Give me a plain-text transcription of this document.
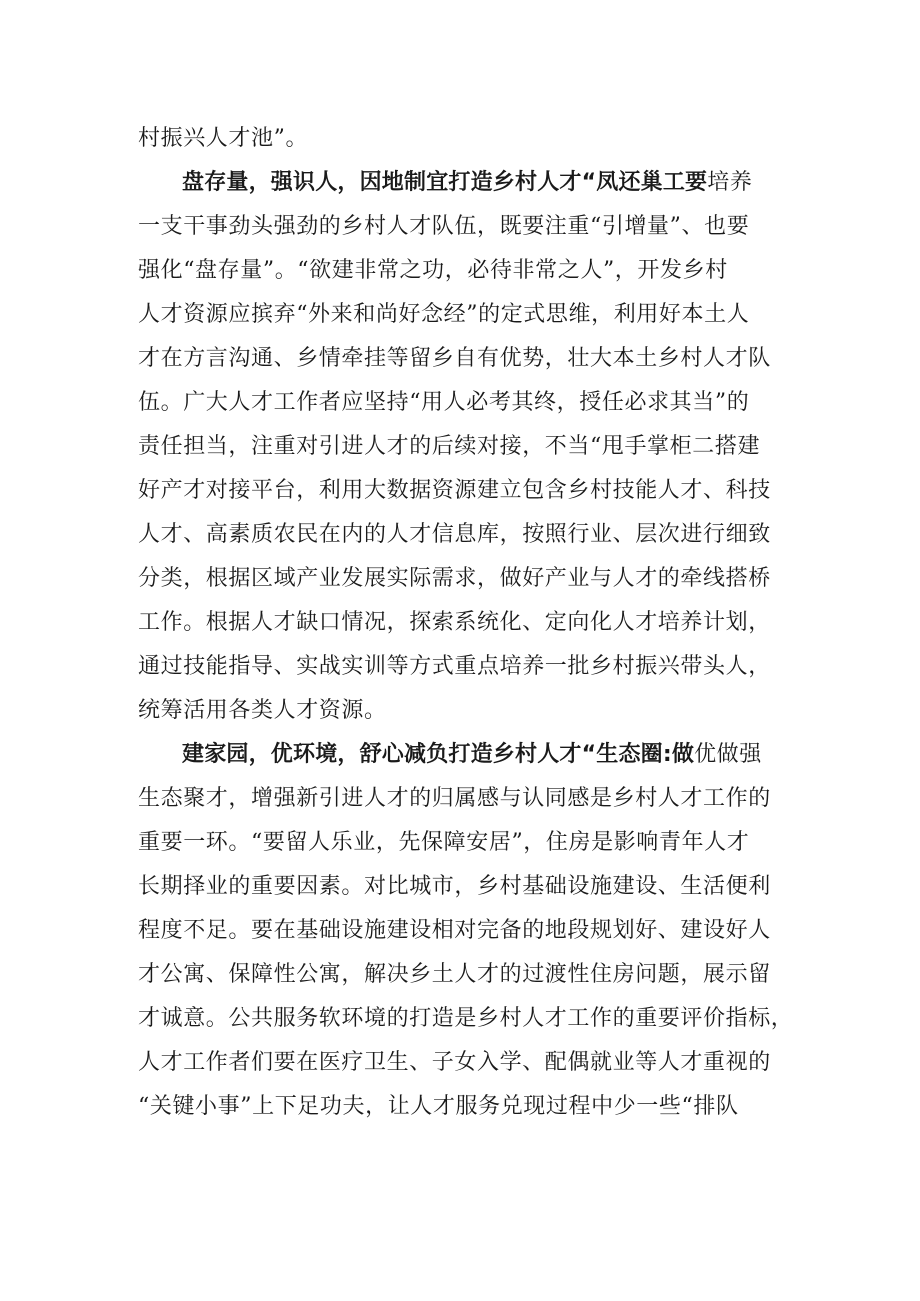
村振兴人才池”。
盘存量，强识人，因地制宜打造乡村人才“凤还巢工要培养
一支干事劲头强劲的乡村人才队伍，既要注重“引增量”、也要
强化“盘存量”。“欲建非常之功，必待非常之人”，开发乡村
人才资源应摈弃“外来和尚好念经”的定式思维，利用好本土人
才在方言沟通、乡情牵挂等留乡自有优势，壮大本土乡村人才队
伍。广大人才工作者应坚持“用人必考其终，授任必求其当”的
责任担当，注重对引进人才的后续对接，不当“甩手掌柜二搭建
好产才对接平台，利用大数据资源建立包含乡村技能人才、科技
人才、高素质农民在内的人才信息库，按照行业、层次进行细致
分类，根据区域产业发展实际需求，做好产业与人才的牵线搭桥
工作。根据人才缺口情况，探索系统化、定向化人才培养计划，
通过技能指导、实战实训等方式重点培养一批乡村振兴带头人，
统筹活用各类人才资源。
建家园，优环境，舒心减负打造乡村人才“生态圈:做优做强
生态聚才，增强新引进人才的归属感与认同感是乡村人才工作的
重要一环。“要留人乐业，先保障安居”，住房是影响青年人才
长期择业的重要因素。对比城市，乡村基础设施建设、生活便利
程度不足。要在基础设施建设相对完备的地段规划好、建设好人
才公寓、保障性公寓，解决乡土人才的过渡性住房问题，展示留
才诚意。公共服务软环境的打造是乡村人才工作的重要评价指标，
人才工作者们要在医疗卫生、子女入学、配偶就业等人才重视的
“关键小事”上下足功夫，让人才服务兑现过程中少一些“排队
